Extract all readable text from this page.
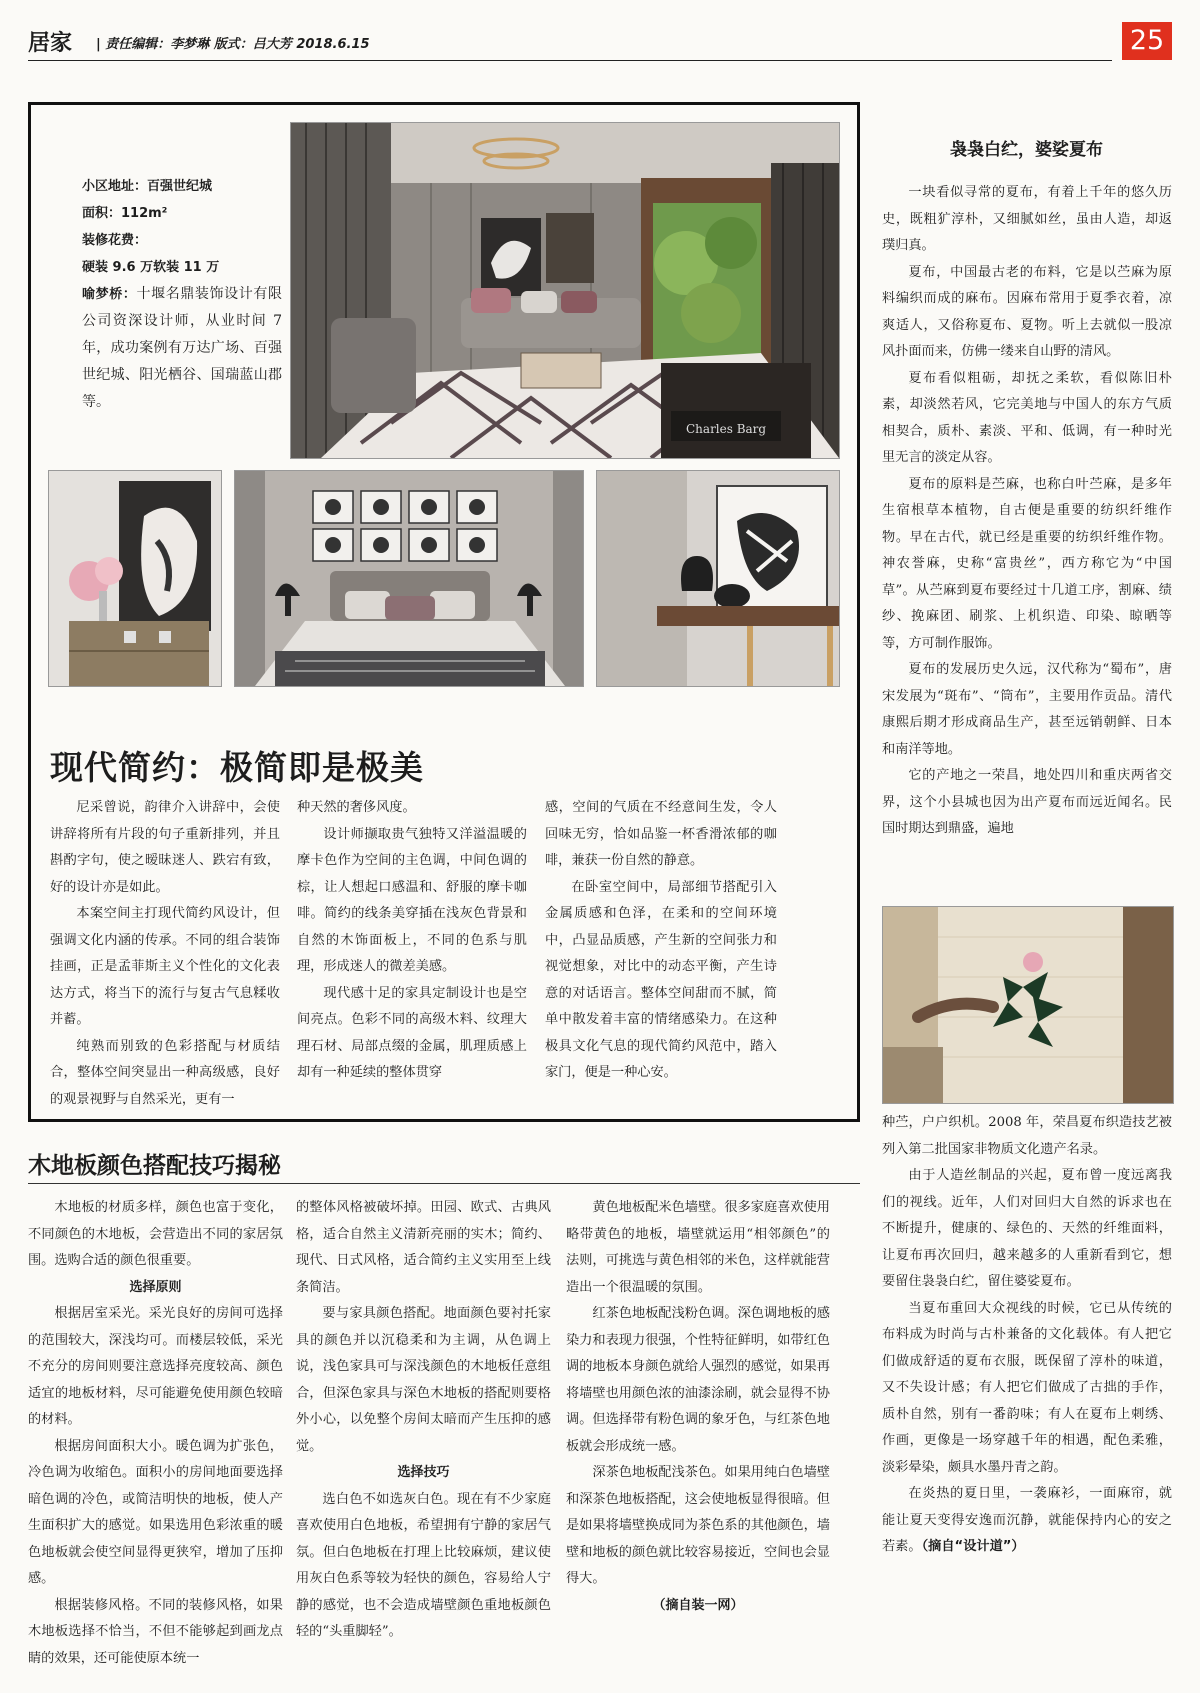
居家 | 责任编辑：李梦琳 版式：吕大芳 2018.6.15	25
小区地址：百强世纪城
面积：112m²
装修花费：
硬装 9.6 万软装 11 万
喻梦桥：十堰名鼎装饰设计有限公司资深设计师，从业时间 7 年，成功案例有万达广场、百强世纪城、阳光栖谷、国瑞蓝山郡等。
Charles Barg
现代简约：极简即是极美

尼采曾说，韵律介入讲辞中，会使讲辞将所有片段的句子重新排列，并且斟酌字句，使之暧昧迷人、跌宕有致，好的设计亦是如此。

本案空间主打现代简约风设计，但强调文化内涵的传承。不同的组合装饰挂画，正是孟菲斯主义个性化的文化表达方式，将当下的流行与复古气息糅收并蓄。

纯熟而别致的色彩搭配与材质结合，整体空间突显出一种高级感，良好的观景视野与自然采光，更有一

种天然的奢侈风度。

设计师撷取贵气独特又洋溢温暖的摩卡色作为空间的主色调，中间色调的棕，让人想起口感温和、舒服的摩卡咖啡。简约的线条美穿插在浅灰色背景和自然的木饰面板上，不同的色系与肌理，形成迷人的微差美感。

现代感十足的家具定制设计也是空间亮点。色彩不同的高级木料、纹理大理石材、局部点缀的金属，肌理质感上却有一种延续的整体贯穿

感，空间的气质在不经意间生发，令人回味无穷，恰如品鉴一杯香滑浓郁的咖啡，兼获一份自然的静意。

在卧室空间中，局部细节搭配引入金属质感和色泽，在柔和的空间环境中，凸显品质感，产生新的空间张力和视觉想象，对比中的动态平衡，产生诗意的对话语言。整体空间甜而不腻，简单中散发着丰富的情绪感染力。在这种极具文化气息的现代简约风范中，踏入家门，便是一种心安。

木地板颜色搭配技巧揭秘

木地板的材质多样，颜色也富于变化，不同颜色的木地板，会营造出不同的家居氛围。选购合适的颜色很重要。

选择原则

根据居室采光。采光良好的房间可选择的范围较大，深浅均可。而楼层较低，采光不充分的房间则要注意选择亮度较高、颜色适宜的地板材料，尽可能避免使用颜色较暗的材料。

根据房间面积大小。暖色调为扩张色，冷色调为收缩色。面积小的房间地面要选择暗色调的冷色，或简洁明快的地板，使人产生面积扩大的感觉。如果选用色彩浓重的暖色地板就会使空间显得更狭窄，增加了压抑感。

根据装修风格。不同的装修风格，如果木地板选择不恰当，不但不能够起到画龙点睛的效果，还可能使原本统一

的整体风格被破坏掉。田园、欧式、古典风格，适合自然主义清新亮丽的实木；简约、现代、日式风格，适合简约主义实用至上线条简洁。

要与家具颜色搭配。地面颜色要衬托家具的颜色并以沉稳柔和为主调，从色调上说，浅色家具可与深浅颜色的木地板任意组合，但深色家具与深色木地板的搭配则要格外小心，以免整个房间太暗而产生压抑的感觉。

选择技巧

选白色不如选灰白色。现在有不少家庭喜欢使用白色地板，希望拥有宁静的家居气氛。但白色地板在打理上比较麻烦，建议使用灰白色系等较为轻快的颜色，容易给人宁静的感觉，也不会造成墙壁颜色重地板颜色轻的“头重脚轻”。

黄色地板配米色墙壁。很多家庭喜欢使用略带黄色的地板，墙壁就运用“相邻颜色”的法则，可挑选与黄色相邻的米色，这样就能营造出一个很温暖的氛围。

红茶色地板配浅粉色调。深色调地板的感染力和表现力很强，个性特征鲜明，如带红色调的地板本身颜色就给人强烈的感觉，如果再将墙壁也用颜色浓的油漆涂刷，就会显得不协调。但选择带有粉色调的象牙色，与红茶色地板就会形成统一感。

深茶色地板配浅茶色。如果用纯白色墙壁和深茶色地板搭配，这会使地板显得很暗。但是如果将墙壁换成同为茶色系的其他颜色，墙壁和地板的颜色就比较容易接近，空间也会显得大。

（摘自装一网）

袅袅白纻，婆娑夏布

一块看似寻常的夏布，有着上千年的悠久历史，既粗犷淳朴，又细腻如丝，虽由人造，却返璞归真。

夏布，中国最古老的布料，它是以苎麻为原料编织而成的麻布。因麻布常用于夏季衣着，凉爽适人，又俗称夏布、夏物。听上去就似一股凉风扑面而来，仿佛一缕来自山野的清风。

夏布看似粗砺，却抚之柔软，看似陈旧朴素，却淡然若风，它完美地与中国人的东方气质相契合，质朴、素淡、平和、低调，有一种时光里无言的淡定从容。

夏布的原料是苎麻，也称白叶苎麻，是多年生宿根草本植物，自古便是重要的纺织纤维作物。早在古代，就已经是重要的纺织纤维作物。神农誉麻，史称“富贵丝”，西方称它为“中国草”。从苎麻到夏布要经过十几道工序，割麻、绩纱、挽麻团、刷浆、上机织造、印染、晾晒等等，方可制作服饰。

夏布的发展历史久远，汉代称为“蜀布”，唐宋发展为“斑布”、“筒布”，主要用作贡品。清代康熙后期才形成商品生产，甚至远销朝鲜、日本和南洋等地。

它的产地之一荣昌，地处四川和重庆两省交界，这个小县城也因为出产夏布而远近闻名。民国时期达到鼎盛，遍地

种苎，户户织机。2008 年，荣昌夏布织造技艺被列入第二批国家非物质文化遗产名录。

由于人造丝制品的兴起，夏布曾一度远离我们的视线。近年，人们对回归大自然的诉求也在不断提升，健康的、绿色的、天然的纤维面料，让夏布再次回归，越来越多的人重新看到它，想要留住袅袅白纻，留住婆娑夏布。

当夏布重回大众视线的时候，它已从传统的布料成为时尚与古朴兼备的文化载体。有人把它们做成舒适的夏布衣服，既保留了淳朴的味道，又不失设计感；有人把它们做成了古拙的手作，质朴自然，别有一番韵味；有人在夏布上刺绣、作画，更像是一场穿越千年的相遇，配色柔雅，淡彩晕染，颇具水墨丹青之韵。

在炎热的夏日里，一袭麻衫，一面麻帘，就能让夏天变得安逸而沉静，就能保持内心的安之若素。（摘自“设计道”）
